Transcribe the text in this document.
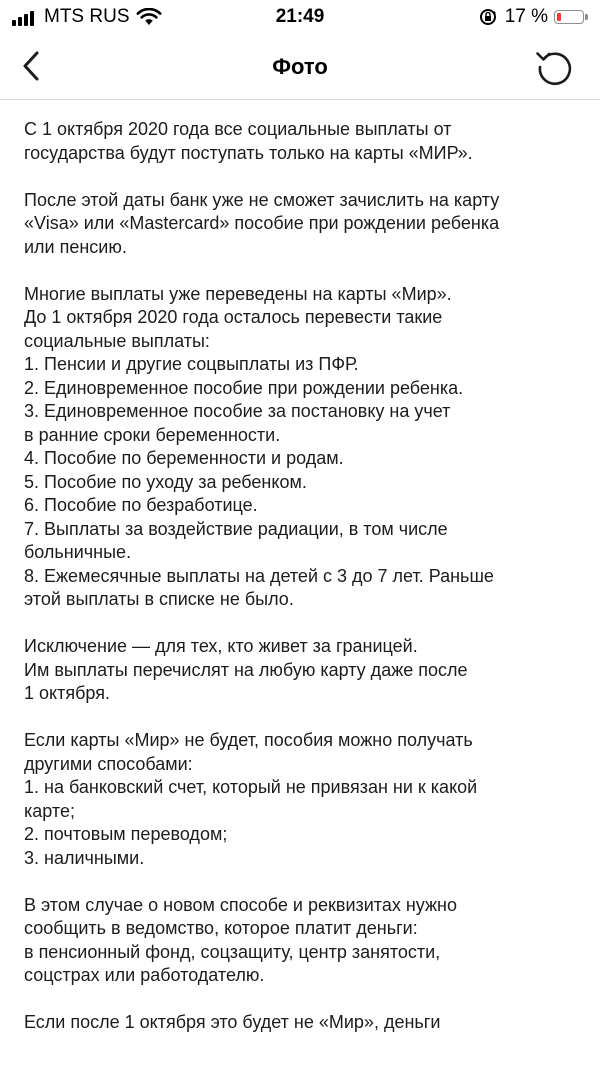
MTS RUS	21:49	17 %
Фото

С 1 октября 2020 года все социальные выплаты от
государства будут поступать только на карты «МИР».

После этой даты банк уже не сможет зачислить на карту
«Visa» или «Mastercard» пособие при рождении ребенка
или пенсию.

Многие выплаты уже переведены на карты «Мир».
До 1 октября 2020 года осталось перевести такие
социальные выплаты:
1. Пенсии и другие соцвыплаты из ПФР.
2. Единовременное пособие при рождении ребенка.
3. Единовременное пособие за постановку на учет
в ранние сроки беременности.
4. Пособие по беременности и родам.
5. Пособие по уходу за ребенком.
6. Пособие по безработице.
7. Выплаты за воздействие радиации, в том числе
больничные.
8. Ежемесячные выплаты на детей с 3 до 7 лет. Раньше
этой выплаты в списке не было.

Исключение — для тех, кто живет за границей.
Им выплаты перечислят на любую карту даже после
1 октября.

Если карты «Мир» не будет, пособия можно получать
другими способами:
1. на банковский счет, который не привязан ни к какой
карте;
2. почтовым переводом;
3. наличными.

В этом случае о новом способе и реквизитах нужно
сообщить в ведомство, которое платит деньги:
в пенсионный фонд, соцзащиту, центр занятости,
соцстрах или работодателю.

Если после 1 октября это будет не «Мир», деньги
